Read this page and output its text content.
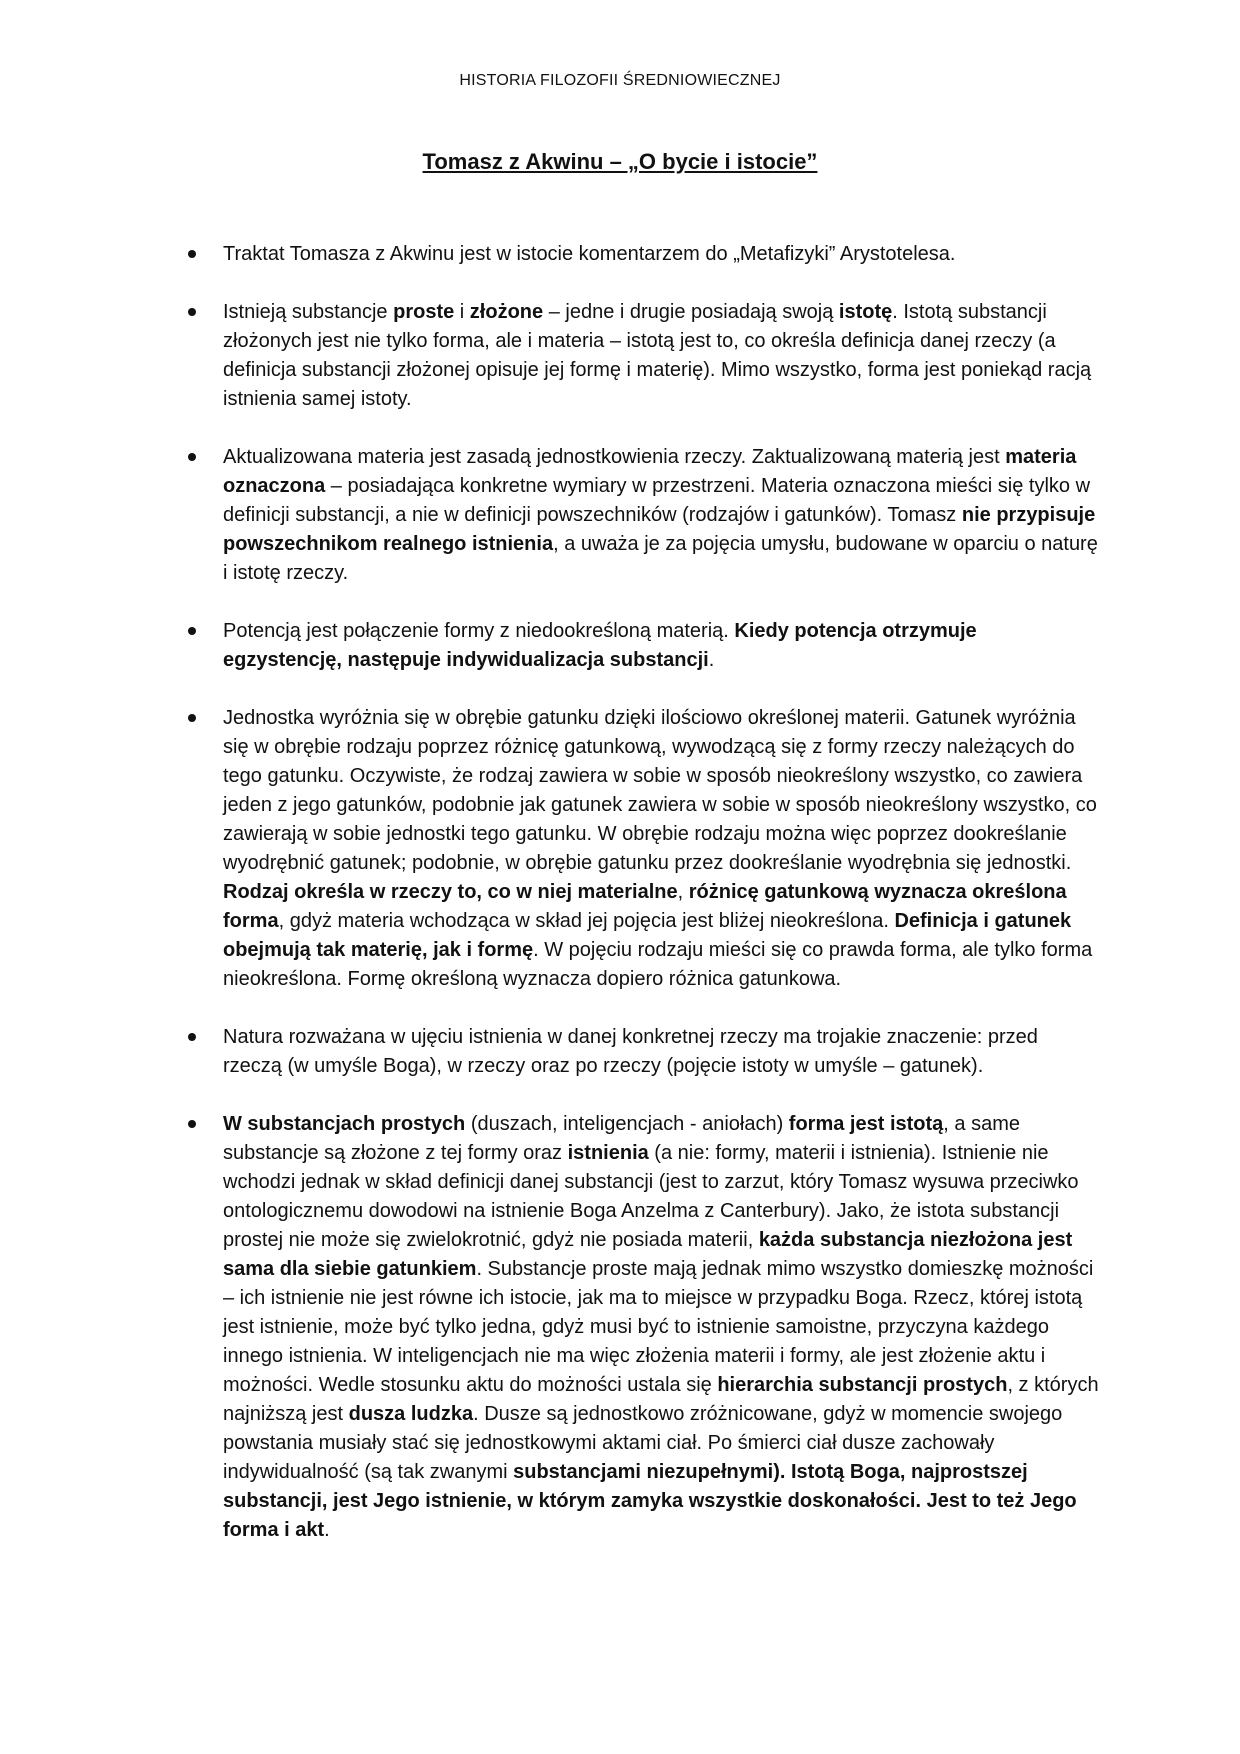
HISTORIA FILOZOFII ŚREDNIOWIECZNEJ
Tomasz z Akwinu – „O bycie i istocie”
Traktat Tomasza z Akwinu jest w istocie komentarzem do „Metafizyki” Arystotelesa.
Istnieją substancje proste i złożone – jedne i drugie posiadają swoją istotę. Istotą substancji złożonych jest nie tylko forma, ale i materia – istotą jest to, co określa definicja danej rzeczy (a definicja substancji złożonej opisuje jej formę i materię). Mimo wszystko, forma jest poniekąd racją istnienia samej istoty.
Aktualizowana materia jest zasadą jednostkowienia rzeczy. Zaktualizowaną materią jest materia oznaczona – posiadająca konkretne wymiary w przestrzeni. Materia oznaczona mieści się tylko w definicji substancji, a nie w definicji powszechników (rodzajów i gatunków). Tomasz nie przypisuje powszechnikom realnego istnienia, a uważa je za pojęcia umysłu, budowane w oparciu o naturę i istotę rzeczy.
Potencją jest połączenie formy z niedookreśloną materią. Kiedy potencja otrzymuje egzystencję, następuje indywidualizacja substancji.
Jednostka wyróżnia się w obrębie gatunku dzięki ilościowo określonej materii. Gatunek wyróżnia się w obrębie rodzaju poprzez różnicę gatunkową, wywodzącą się z formy rzeczy należących do tego gatunku. Oczywiste, że rodzaj zawiera w sobie w sposób nieokreślony wszystko, co zawiera jeden z jego gatunków, podobnie jak gatunek zawiera w sobie w sposób nieokreślony wszystko, co zawierają w sobie jednostki tego gatunku. W obrębie rodzaju można więc poprzez dookreślanie wyodrębnić gatunek; podobnie, w obrębie gatunku przez dookreślanie wyodrębnia się jednostki. Rodzaj określa w rzeczy to, co w niej materialne, różnicę gatunkową wyznacza określona forma, gdyż materia wchodząca w skład jej pojęcia jest bliżej nieokreślona. Definicja i gatunek obejmują tak materię, jak i formę. W pojęciu rodzaju mieści się co prawda forma, ale tylko forma nieokreślona. Formę określoną wyznacza dopiero różnica gatunkowa.
Natura rozważana w ujęciu istnienia w danej konkretnej rzeczy ma trojakie znaczenie: przed rzeczą (w umyśle Boga), w rzeczy oraz po rzeczy (pojęcie istoty w umyśle – gatunek).
W substancjach prostych (duszach, inteligencjach - aniołach) forma jest istotą, a same substancje są złożone z tej formy oraz istnienia (a nie: formy, materii i istnienia). Istnienie nie wchodzi jednak w skład definicji danej substancji (jest to zarzut, który Tomasz wysuwa przeciwko ontologicznemu dowodowi na istnienie Boga Anzelma z Canterbury). Jako, że istota substancji prostej nie może się zwielokrotnić, gdyż nie posiada materii, każda substancja niezłożona jest sama dla siebie gatunkiem. Substancje proste mają jednak mimo wszystko domieszkę możności – ich istnienie nie jest równe ich istocie, jak ma to miejsce w przypadku Boga. Rzecz, której istotą jest istnienie, może być tylko jedna, gdyż musi być to istnienie samoistne, przyczyna każdego innego istnienia. W inteligencjach nie ma więc złożenia materii i formy, ale jest złożenie aktu i możności. Wedle stosunku aktu do możności ustala się hierarchia substancji prostych, z których najniższą jest dusza ludzka. Dusze są jednostkowo zróżnicowane, gdyż w momencie swojego powstania musiały stać się jednostkowymi aktami ciał. Po śmierci ciał dusze zachowały indywidualność (są tak zwanymi substancjami niezupełnymi). Istotą Boga, najprostszej substancji, jest Jego istnienie, w którym zamyka wszystkie doskonałości. Jest to też Jego forma i akt.
